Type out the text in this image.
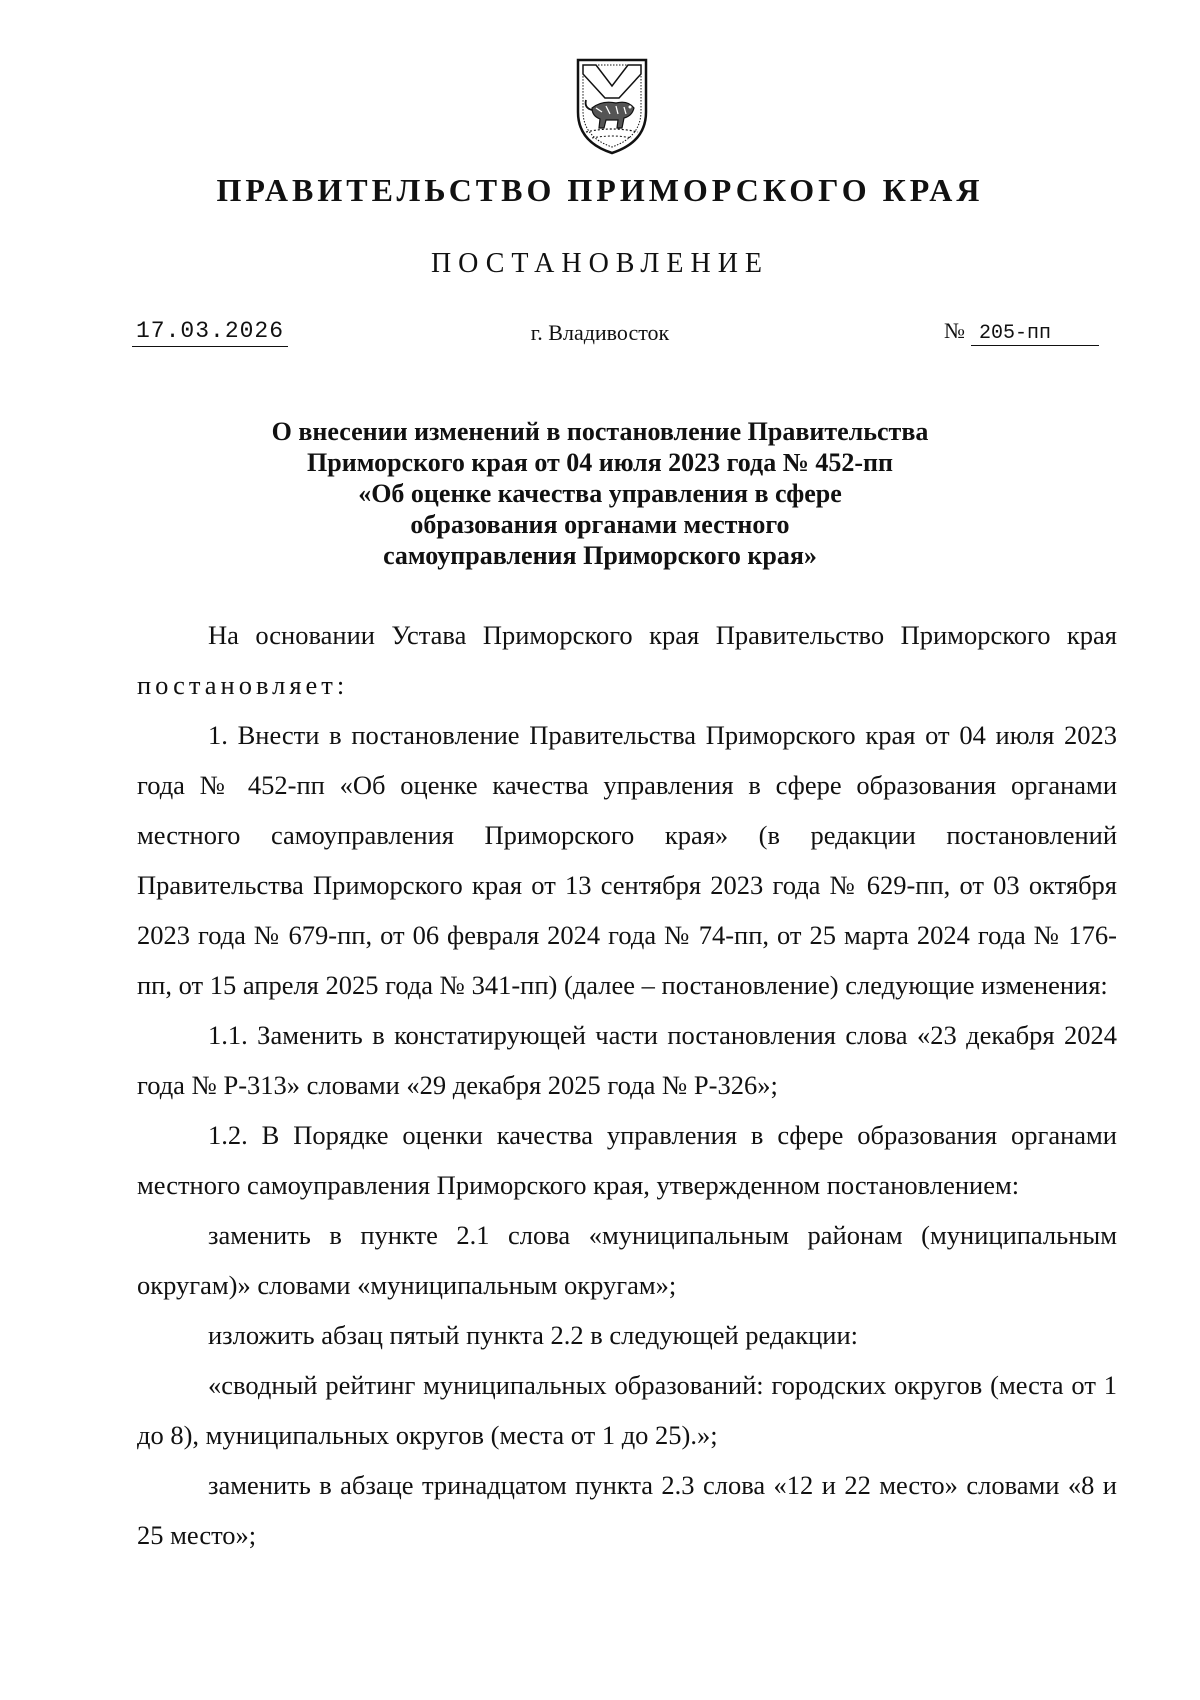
ПРАВИТЕЛЬСТВО ПРИМОРСКОГО КРАЯ
ПОСТАНОВЛЕНИЕ
17.03.2026	г. Владивосток	№ 205-пп
О внесении изменений в постановление Правительства
Приморского края от 04 июля 2023 года № 452-пп
«Об оценке качества управления в сфере
образования органами местного
самоуправления Приморского края»

На основании Устава Приморского края Правительство Приморского края постановляет:

1. Внести в постановление Правительства Приморского края от 04 июля 2023 года № 452-пп «Об оценке качества управления в сфере образования органами местного самоуправления Приморского края» (в редакции постановлений Правительства Приморского края от 13 сентября 2023 года № 629-пп, от 03 октября 2023 года № 679-пп, от 06 февраля 2024 года № 74-пп, от 25 марта 2024 года № 176-пп, от 15 апреля 2025 года № 341-пп) (далее – постановление) следующие изменения:

1.1. Заменить в констатирующей части постановления слова «23 декабря 2024 года № Р-313» словами «29 декабря 2025 года № Р-326»;

1.2. В Порядке оценки качества управления в сфере образования органами местного самоуправления Приморского края, утвержденном постановлением:

заменить в пункте 2.1 слова «муниципальным районам (муниципальным округам)» словами «муниципальным округам»;

изложить абзац пятый пункта 2.2 в следующей редакции:

«сводный рейтинг муниципальных образований: городских округов (места от 1 до 8), муниципальных округов (места от 1 до 25).»;

заменить в абзаце тринадцатом пункта 2.3 слова «12 и 22 место» словами «8 и 25 место»;
